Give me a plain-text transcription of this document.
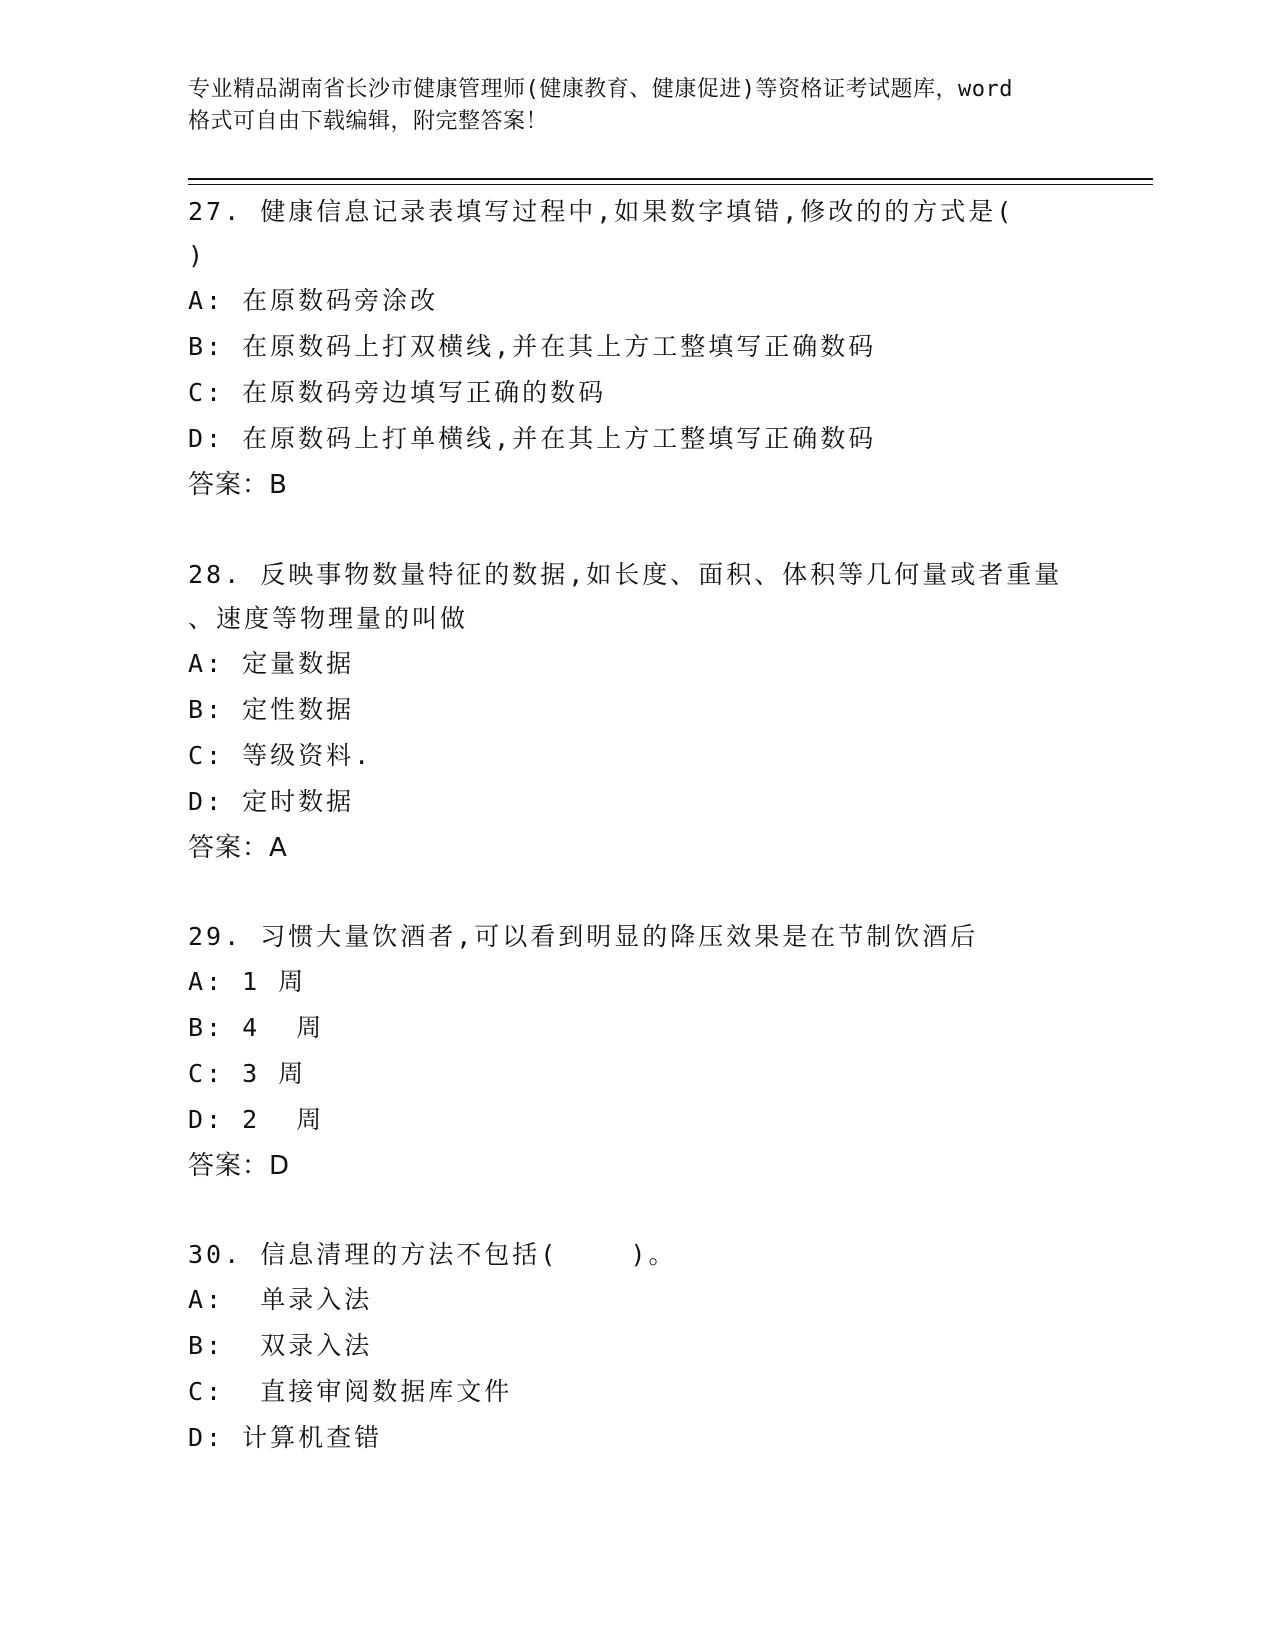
专业精品湖南省长沙市健康管理师(健康教育、健康促进)等资格证考试题库，word
格式可自由下载编辑，附完整答案！

27. 健康信息记录表填写过程中,如果数字填错,修改的的方式是(

)

A: 在原数码旁涂改

B: 在原数码上打双横线,并在其上方工整填写正确数码

C: 在原数码旁边填写正确的数码

D: 在原数码上打单横线,并在其上方工整填写正确数码

答案：B

28. 反映事物数量特征的数据,如长度、面积、体积等几何量或者重量

、速度等物理量的叫做

A: 定量数据

B: 定性数据

C: 等级资料.

D: 定时数据

答案：A

29. 习惯大量饮酒者,可以看到明显的降压效果是在节制饮酒后

A: 1 周

B: 4  周

C: 3 周

D: 2  周

答案：D

30. 信息清理的方法不包括(    )。

A:  单录入法

B:  双录入法

C:  直接审阅数据库文件

D: 计算机查错
